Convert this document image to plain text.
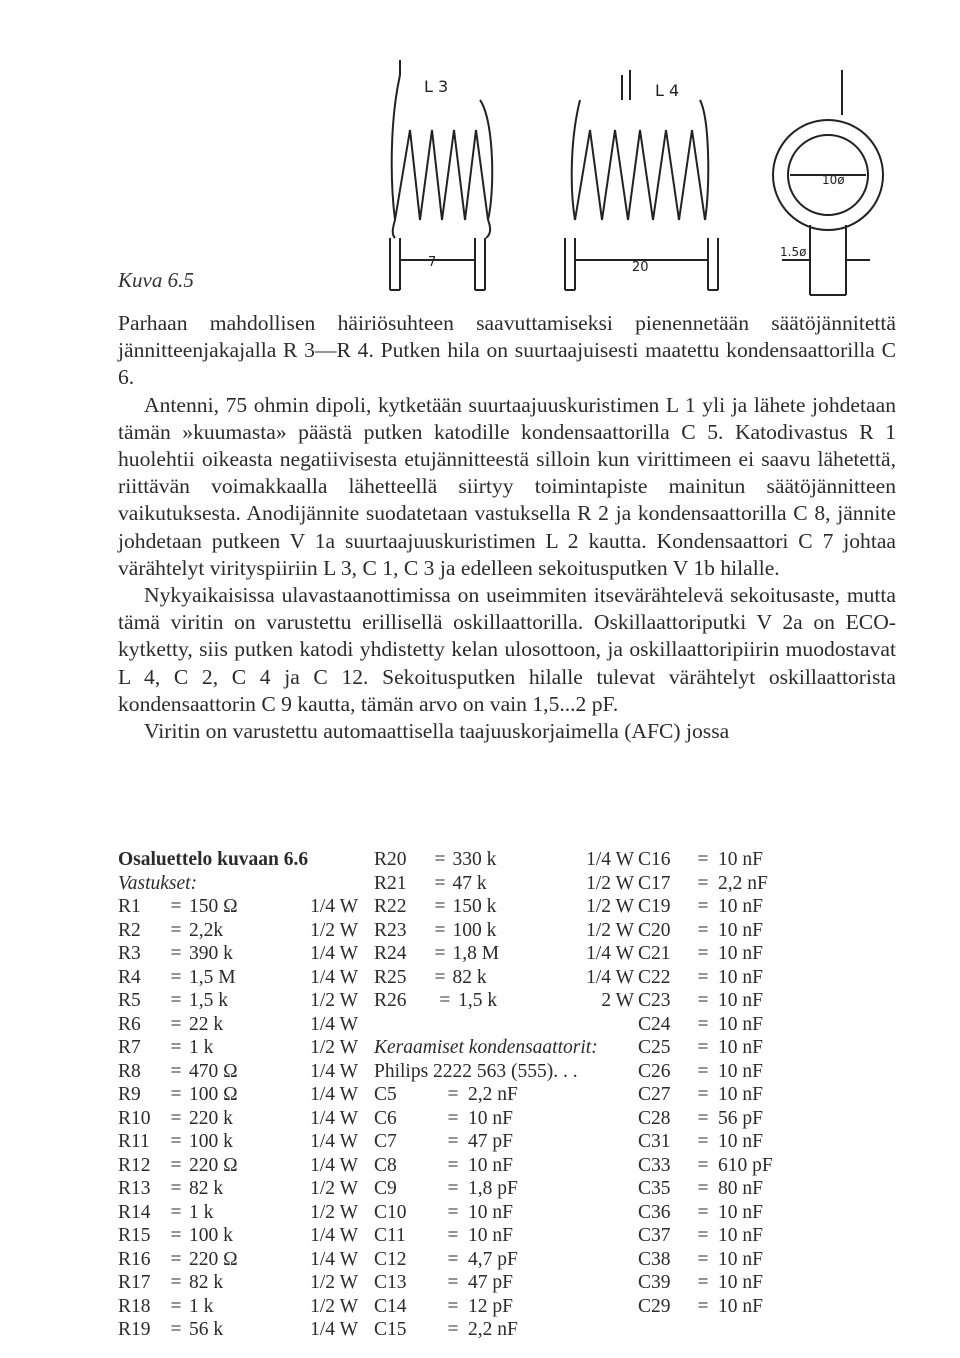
L 3	L 4
7	20
10ø
1.5ø
Kuva 6.5

Parhaan mahdollisen häiriösuhteen saavuttamiseksi pienennetään säätöjännitettä jännitteenjakajalla R 3—R 4. Putken hila on suurtaajuisesti maatettu kondensaattorilla C 6.

Antenni, 75 ohmin dipoli, kytketään suurtaajuuskuristimen L 1 yli ja lähete johdetaan tämän »kuumasta» päästä putken katodille kondensaattorilla C 5. Katodivastus R 1 huolehtii oikeasta negatiivisesta etujännitteestä silloin kun virittimeen ei saavu lähetettä, riittävän voimakkaalla lähetteellä siirtyy toimintapiste mainitun säätöjännitteen vaikutuksesta. Anodijännite suodatetaan vastuksella R 2 ja kondensaattorilla C 8, jännite johdetaan putkeen V 1a suurtaajuuskuristimen L 2 kautta. Kondensaattori C 7 johtaa värähtelyt virityspiiriin L 3, C 1, C 3 ja edelleen sekoitusputken V 1b hilalle.

Nykyaikaisissa ulavastaanottimissa on useimmiten itsevärähtelevä sekoitusaste, mutta tämä viritin on varustettu erillisellä oskillaattorilla. Oskillaattoriputki V 2a on ECO-kytketty, siis putken katodi yhdistetty kelan ulosottoon, ja oskillaattoripiirin muodostavat L 4, C 2, C 4 ja C 12. Sekoitusputken hilalle tulevat värähtelyt oskillaattorista kondensaattorin C 9 kautta, tämän arvo on vain 1,5...2 pF.

Viritin on varustettu automaattisella taajuuskorjaimella (AFC) jossa

Osaluettelo kuvaan 6.6
Vastukset:
R1	= 150 Ω	1/4 W
R2	= 2,2k	1/2 W
R3	= 390 k	1/4 W
R4	= 1,5 M	1/4 W
R5	= 1,5 k	1/2 W
R6	= 22 k	1/4 W
R7	= 1 k	1/2 W
R8	= 470 Ω	1/4 W
R9	= 100 Ω	1/4 W
R10	= 220 k	1/4 W
R11	= 100 k	1/4 W
R12	= 220 Ω	1/4 W
R13	= 82 k	1/2 W
R14	= 1 k	1/2 W
R15	= 100 k	1/4 W
R16	= 220 Ω	1/4 W
R17	= 82 k	1/2 W
R18	= 1 k	1/2 W
R19	= 56 k	1/4 W
R20	= 330 k	1/4 W
R21	= 47 k	1/2 W
R22	= 150 k	1/2 W
R23	= 100 k	1/2 W
R24	= 1,8 M	1/4 W
R25	= 82 k	1/4 W
R26	= 1,5 k	2 W
Keraamiset kondensaattorit:
Philips 2222 563 (555). . .
C5	= 2,2 nF
C6	= 10 nF
C7	= 47 pF
C8	= 10 nF
C9	= 1,8 pF
C10	= 10 nF
C11	= 10 nF
C12	= 4,7 pF
C13	= 47 pF
C14	= 12 pF
C15	= 2,2 nF
C16	= 10 nF
C17	= 2,2 nF
C19	= 10 nF
C20	= 10 nF
C21	= 10 nF
C22	= 10 nF
C23	= 10 nF
C24	= 10 nF
C25	= 10 nF
C26	= 10 nF
C27	= 10 nF
C28	= 56 pF
C31	= 10 nF
C33	= 610 pF
C35	= 80 nF
C36	= 10 nF
C37	= 10 nF
C38	= 10 nF
C39	= 10 nF
C29	= 10 nF
